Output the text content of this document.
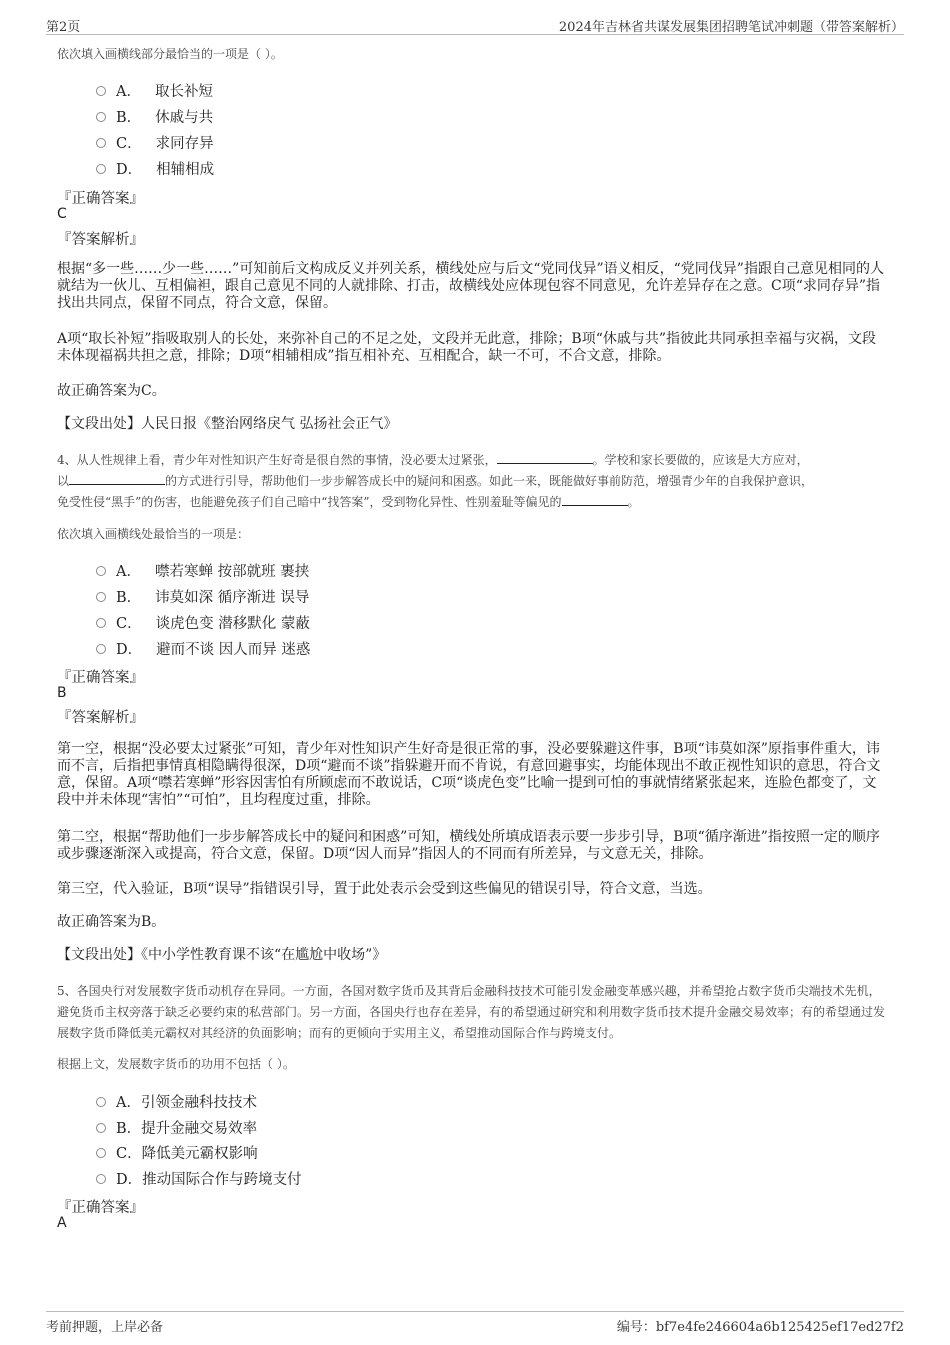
第2页	2024年吉林省共谋发展集团招聘笔试冲刺题（带答案解析）
依次填入画横线部分最恰当的一项是（ ）。
A． 取长补短
B． 休戚与共
C． 求同存异
D． 相辅相成
『正确答案』
C
『答案解析』
根据“多一些……少一些……”可知前后文构成反义并列关系，横线处应与后文“党同伐异”语义相反，“党同伐异”指跟自己意见相同的人就结为一伙儿、互相偏袒，跟自己意见不同的人就排除、打击，故横线处应体现包容不同意见，允许差异存在之意。C项“求同存异”指找出共同点，保留不同点，符合文意，保留。
A项“取长补短”指吸取别人的长处，来弥补自己的不足之处，文段并无此意，排除；B项“休戚与共”指彼此共同承担幸福与灾祸，文段未体现福祸共担之意，排除；D项“相辅相成”指互相补充、互相配合，缺一不可，不合文意，排除。
故正确答案为C。
【文段出处】人民日报《整治网络戾气 弘扬社会正气》
4、从人性规律上看，青少年对性知识产生好奇是很自然的事情，没必要太过紧张，	。学校和家长要做的，应该是大方应对，
以	的方式进行引导，帮助他们一步步解答成长中的疑问和困惑。如此一来，既能做好事前防范，增强青少年的自我保护意识，
免受性侵“黑手”的伤害，也能避免孩子们自己暗中“找答案”，受到物化异性、性别羞耻等偏见的	。
依次填入画横线处最恰当的一项是：
A． 噤若寒蝉 按部就班 裹挟
B． 讳莫如深 循序渐进 误导
C． 谈虎色变 潜移默化 蒙蔽
D． 避而不谈 因人而异 迷惑
『正确答案』
B
『答案解析』
第一空，根据“没必要太过紧张”可知，青少年对性知识产生好奇是很正常的事，没必要躲避这件事，B项“讳莫如深”原指事件重大，讳而不言，后指把事情真相隐瞒得很深，D项“避而不谈”指躲避开而不肯说，有意回避事实，均能体现出不敢正视性知识的意思，符合文意，保留。A项“噤若寒蝉”形容因害怕有所顾虑而不敢说话，C项“谈虎色变”比喻一提到可怕的事就情绪紧张起来，连脸色都变了，文段中并未体现“害怕”“可怕”，且均程度过重，排除。
第二空，根据“帮助他们一步步解答成长中的疑问和困惑”可知，横线处所填成语表示要一步步引导，B项“循序渐进”指按照一定的顺序或步骤逐渐深入或提高，符合文意，保留。D项“因人而异”指因人的不同而有所差异，与文意无关，排除。
第三空，代入验证，B项“误导”指错误引导，置于此处表示会受到这些偏见的错误引导，符合文意，当选。
故正确答案为B。
【文段出处】《中小学性教育课不该“在尴尬中收场”》
5、各国央行对发展数字货币动机存在异同。一方面，各国对数字货币及其背后金融科技技术可能引发金融变革感兴趣，并希望抢占数字货币尖端技术先机，避免货币主权旁落于缺乏必要约束的私营部门。另一方面，各国央行也存在差异，有的希望通过研究和利用数字货币技术提升金融交易效率；有的希望通过发展数字货币降低美元霸权对其经济的负面影响；而有的更倾向于实用主义，希望推动国际合作与跨境支付。
根据上文，发展数字货币的功用不包括（ ）。
A．引领金融科技技术
B．提升金融交易效率
C．降低美元霸权影响
D．推动国际合作与跨境支付
『正确答案』
A
考前押题，上岸必备	编号：bf7e4fe246604a6b125425ef17ed27f2
